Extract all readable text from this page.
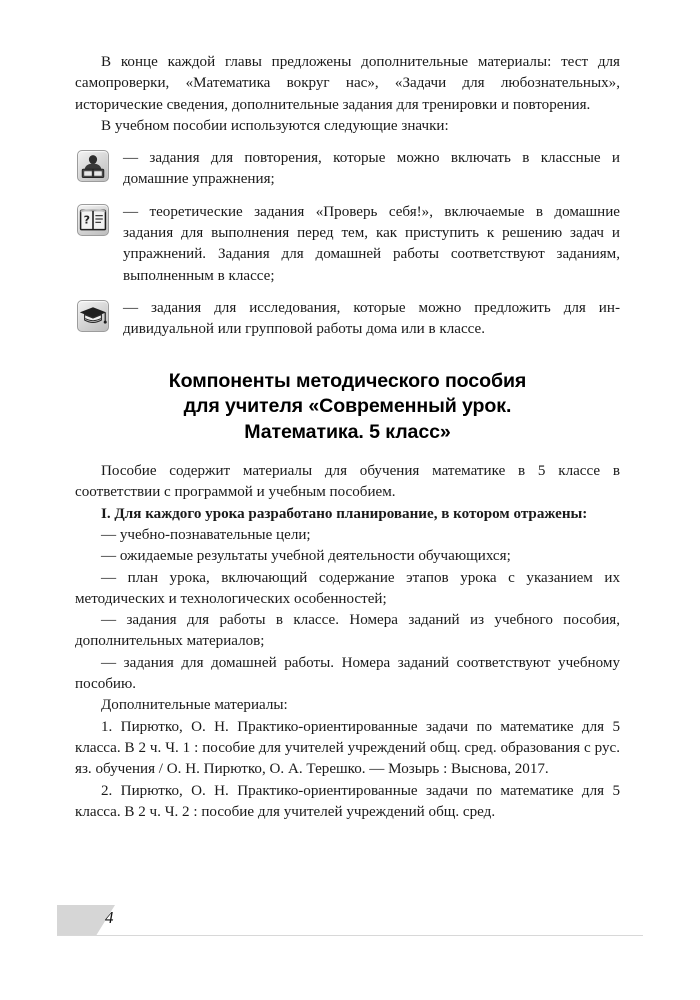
В конце каждой главы предложены дополнительные материалы: тест для самопроверки, «Математика вокруг нас», «Задачи для любознательных», исторические сведения, дополнительные задания для тренировки и повторения.

В учебном пособии используются следующие значки:

— задания для повторения, которые можно включать в классные и домашние упражнения;

?

— теоретические задания «Проверь себя!», включаемые в домашние задания для выполнения перед тем, как приступить к решению задач и упражнений. Задания для домашней работы соответствуют заданиям, выполненным в классе;

— задания для исследования, которые можно предложить для индивидуальной или групповой работы дома или в классе.

Компоненты методического пособия
для учителя «Современный урок.
Математика. 5 класс»

Пособие содержит материалы для обучения математике в 5 классе в соответствии с программой и учебным пособием.

I. Для каждого урока разработано планирование, в котором отражены:

— учебно-познавательные цели;

— ожидаемые результаты учебной деятельности обучающихся;

— план урока, включающий содержание этапов урока с указанием их методических и технологических особенностей;

— задания для работы в классе. Номера заданий из учебного пособия, дополнительных материалов;

— задания для домашней работы. Номера заданий соответствуют учебному пособию.

Дополнительные материалы:

1. Пирютко, О. Н. Практико-ориентированные задачи по математике для 5 класса. В 2 ч. Ч. 1 : пособие для учителей учреждений общ. сред. образования с рус. яз. обучения / О. Н. Пирютко, О. А. Терешко. — Мозырь : Выснова, 2017.

2. Пирютко, О. Н. Практико-ориентированные задачи по математике для 5 класса. В 2 ч. Ч. 2 : пособие для учителей учреждений общ. сред.

4
